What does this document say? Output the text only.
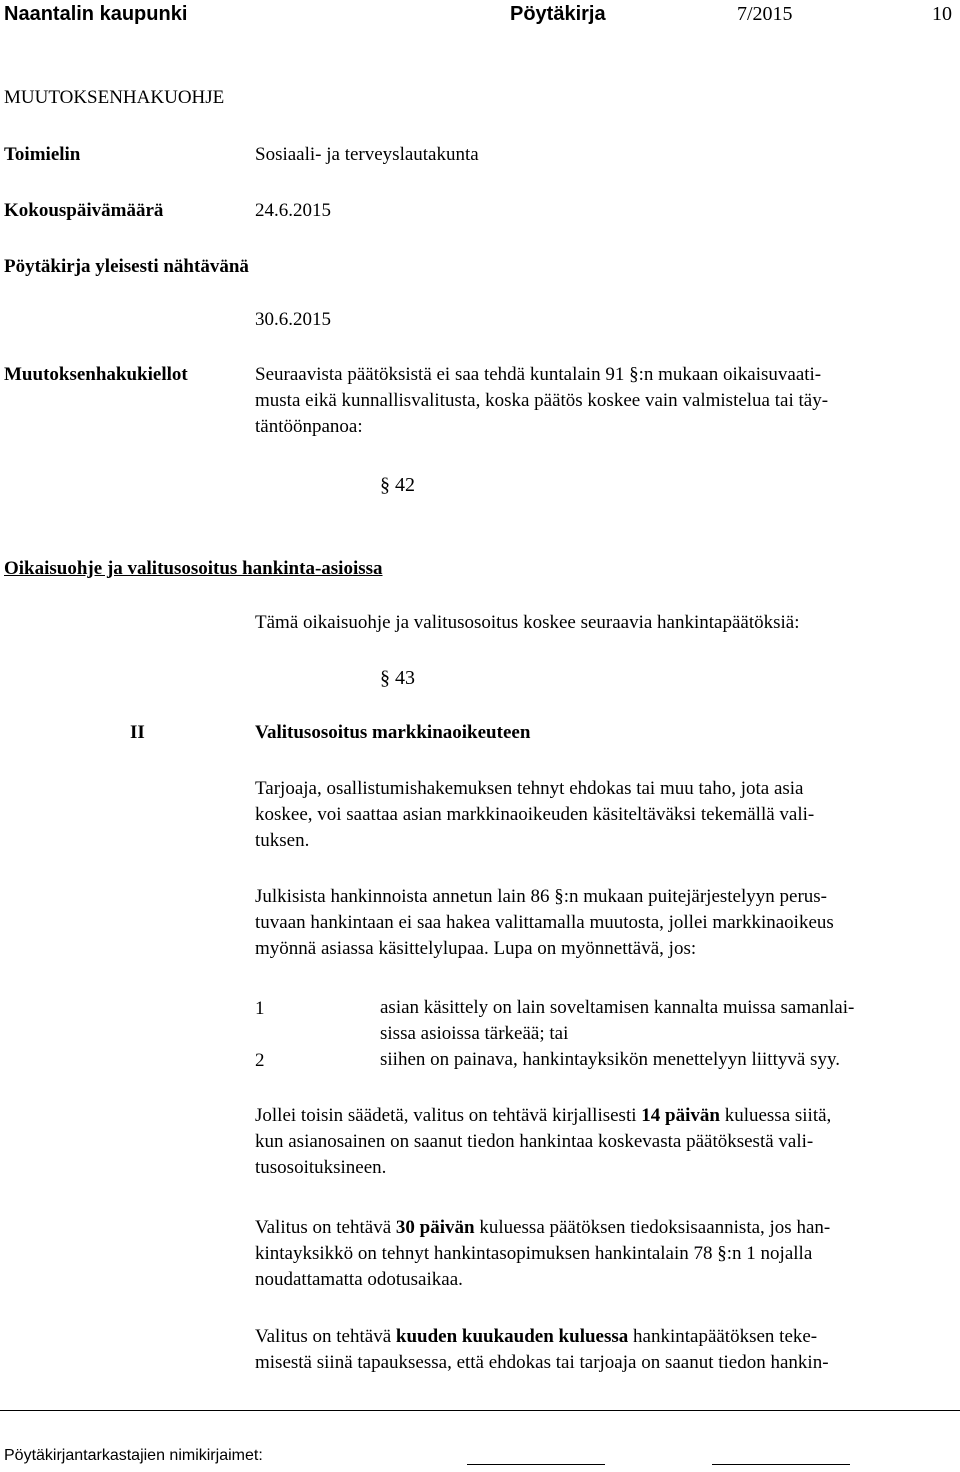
Naantalin kaupunki	Pöytäkirja	7/2015	10
MUUTOKSENHAKUOHJE
Toimielin	Sosiaali- ja terveyslautakunta
Kokouspäivämäärä	24.6.2015
Pöytäkirja yleisesti nähtävänä
30.6.2015
Muutoksenhakukiellot	Seuraavista päätöksistä ei saa tehdä kuntalain 91 §:n mukaan oikaisuvaati-
musta eikä kunnallisvalitusta, koska päätös koskee vain valmistelua tai täy-
täntöönpanoa:
§ 42
Oikaisuohje ja valitusosoitus hankinta-asioissa
Tämä oikaisuohje ja valitusosoitus koskee seuraavia hankintapäätöksiä:
§ 43
II	Valitusosoitus markkinaoikeuteen
Tarjoaja, osallistumishakemuksen tehnyt ehdokas tai muu taho, jota asia
koskee, voi saattaa asian markkinaoikeuden käsiteltäväksi tekemällä vali-
tuksen.
Julkisista hankinnoista annetun lain 86 §:n mukaan puitejärjestelyyn perus-
tuvaan hankintaan ei saa hakea valittamalla muutosta, jollei markkinaoikeus
myönnä asiassa käsittelylupaa. Lupa on myönnettävä, jos:
1	asian käsittely on lain soveltamisen kannalta muissa samanlai-
sissa asioissa tärkeää; tai
2	siihen on painava, hankintayksikön menettelyyn liittyvä syy.
Jollei toisin säädetä, valitus on tehtävä kirjallisesti 14 päivän kuluessa siitä,
kun asianosainen on saanut tiedon hankintaa koskevasta päätöksestä vali-
tusosoituksineen.
Valitus on tehtävä 30 päivän kuluessa päätöksen tiedoksisaannista, jos han-
kintayksikkö on tehnyt hankintasopimuksen hankintalain 78 §:n 1 nojalla
noudattamatta odotusaikaa.
Valitus on tehtävä kuuden kuukauden kuluessa hankintapäätöksen teke-
misestä siinä tapauksessa, että ehdokas tai tarjoaja on saanut tiedon hankin-
Pöytäkirjantarkastajien nimikirjaimet:
